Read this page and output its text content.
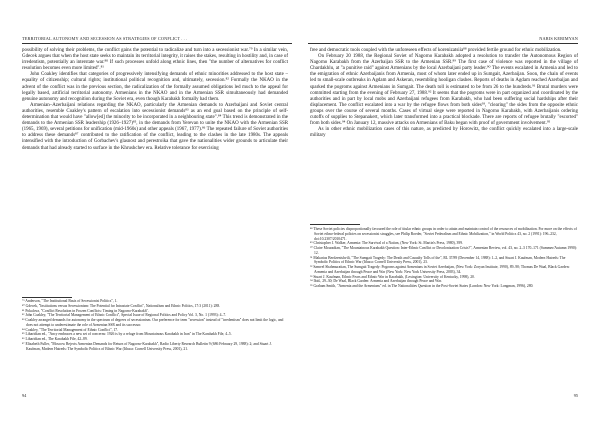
TERRITORIAL AUTONOMY AND SECESSION AS STRATEGIES OF CONFLICT . . .

possibility of solving their problems, the conflict gains the potential to radicalize and turn into a secessionist war.⁷⁹ In a similar vein, Gdecek argues that when the host state seeks to maintain its territorial integrity, it raises the stakes, resulting in hostility and, in case of irredentism, potentially an interstate war.⁸⁰ If such processes unfold along ethnic lines, then "the number of alternatives for conflict resolution becomes even more limited".⁸¹

John Coakley identifies that categories of progressively intensifying demands of ethnic minorities addressed to the host state – equality of citizenship; cultural rights; institutional political recognition and, ultimately, secession.⁸² Formally the NKAO in the advent of the conflict was in the previous section, the radicalization of the formally assumed obligations led much to the appeal for legally based, artificial territorial autonomy. Armenians in the NKAO and in the Armenian SSR simultaneously had demanded genuine autonomy and recognition during the Soviet era, even though Karabakh formally had them.

Armenian–Azerbaijani relations regarding the NKAO, particularly the Armenian demands to Azerbaijani and Soviet central authorities, resemble Coakley's pattern of escalation into secessionist demands⁸³ as an end goal based on the principle of self-determination that would have "allow[ed] the minority to be incorporated in a neighbouring state".⁸⁴ This trend is demonstrated in the demands to the Armenian SSR leadership (1926–1927)⁸⁵, in the demands from Yerevan to unite the NKAO with the Armenian SSR (1965, 1969), several petitions for unification (mid-1960s) and other appeals (1967, 1977).⁸⁶ The repeated failure of Soviet authorities to address these demands⁸⁷ contributed to the ratification of the conflict, leading to the clashes in the late 1980s. The appeals intensified with the introduction of Gorbachev's glasnost and perestroika that gave the nationalities wider grounds to articulate their demands that had already started to surface in the Khrushchev era. Relative tolerance for exercising

⁷⁹ Anderson, "The Institutional Basis of Secessionist Politics", 1.
⁸⁰ Gdecek, "Institutions versus Secessionism: The Potential for Intrastate Conflict", Nationalism and Ethnic Politics, 17:3 (2011): 288.
⁸¹ Pokalova, "Conflict Resolution in Frozen Conflicts: Timing in Nagorno-Karabakh".
⁸² John Coakley, "The Territorial Management of Ethnic Conflict", Special Issue of Regional Politics and Policy Vol. 3, No. 1 (1993): 4–7.
⁸³ Coakley arranged demands for autonomy in the spectrum of degrees of secessionism. Our preference for term "secession" instead of "irredentism" does not limit the logic, and does not attempt to underestimate the role of Armenian SSR and its successor.
⁸⁴ Coakley, "The Territorial Management of Ethnic Conflict", 17.
⁸⁵ Libaridian ed., "Ancy embraces a new set of concerns: 1926 is by a refuge from Mountainous Karabakh in Iran" in The Karabakh File, 4–5.
⁸⁶ Libaridian ed., The Karabakh File, 42–89.
⁸⁷ Elizabeth Fuller, "Moscow Rejects Armenian Demands for Return of Nagorno-Karabakh", Radio Liberty Research Bulletin 9 (686 February 29, 1988): 2; and Stuart J. Kaufman, Modern Hatreds: The Symbolic Politics of Ethnic War (Ithaca: Cornell University Press, 2001), 21.
94
NARIS KERIMYAN

free and democratic tools coupled with the unforeseen effects of korenizatsiia⁸⁸ provided fertile ground for ethnic mobilization.

On February 20 1988, the Regional Soviet of Nagorno Karabakh adopted a resolution to transfer the Autonomous Region of Nagorno Karabakh from the Azerbaijan SSR to the Armenian SSR.⁸⁹ The first case of violence was reported in the village of Chardakhlu, at "a punitive raid" against Armenians by the local Azerbaijani party leader.⁹⁰ The events escalated in Armenia and led to the emigration of ethnic Azerbaijanis from Armenia, most of whom later ended up in Sumgait, Azerbaijan. Soon, the chain of events led to small-scale outbreaks in Agdam and Askeran, resembling hooligan clashes. Reports of deaths in Agdam reached Azerbaijan and sparked the pogroms against Armenians in Sumgait. The death toll is estimated to be from 26 to the hundreds.⁹¹ Brutal murders were committed starting from the evening of February 27, 1988.⁹² It seems that the pogroms were in part organized and coordinated by the authorities and in part by local mobs and Azerbaijani refugees from Karabakh, who had been suffering social hardships after their displacement. The conflict escalated into a war by the refugee flows from both sides⁹³, "clearing" the sides from the opposite ethnic groups over the course of several months. Cases of virtual siege were reported in Nagorno Karabakh, with Azerbaijanis ordering cutoffs of supplies to Stepanakert, which later transformed into a practical blockade. There are reports of refugee brutally "escorted" from both sides.⁹⁴ On January 12, massive attacks on Armenians of Baku began with proof of government involvement.⁹⁵

As in other ethnic mobilization cases of this nature, as predicted by Horowitz, the conflict quickly escalated into a large-scale military

⁸⁸ These Soviet policies disproportionally favoured the role of titular ethnic groups in order to attain and maintain control of the resources of mobilization. For more on the effects of Soviet ethno-federal policies on secessionist struggles, see Philip Roeder, "Soviet Federalism and Ethnic Mobilization," in World Politics 43, no. 2 (1991): 196–232, doi:10.2307/2010471.
⁸⁹ Christopher J. Walker, Armenia: The Survival of a Nation, (New York: St. Martin's Press, 1980), 399.
⁹⁰ Claire Mouradian, "The Mountainous Karabakh Question: Inter-Ethnic Conflict or Decolonization Crisis?", Armenian Review, vol. 43, no. 2–3 170–171 (Summer/Autumn 1990): 12.
⁹¹ Makarius Berdzenishvili, "The Sumgait Tragedy: The Death and Casualty Tolls of the", RL 37/89 (December 14, 1988): 1–2, and Stuart J. Kaufman, Modern Hatreds: The Symbolic Politics of Ethnic War (Ithaca: Cornell University Press, 2001), 23.
⁹² Samvel Shahmuratian, The Sumgait Tragedy: Pogroms against Armenians in Soviet Azerbaijan, (New York: Zoryan Institute, 1990), 89–90; Thomas De Waal, Black Garden: Armenia and Azerbaijan through Peace and War (New York: New York University Press, 2003), 34.
⁹³ Stuart J. Kaufman, Ethnic Fears and Ethnic War in Karabakh, (Lexington: University of Kentucky, 1998), 20.
⁹⁴ Ibid., 29–30; De Waal, Black Garden: Armenia and Azerbaijan through Peace and War.
⁹⁵ Graham Smith, "Armenia and the Armenians" ed. in The Nationalities Question in the Post-Soviet States (London: New York: Longman, 1996), 280.
95
